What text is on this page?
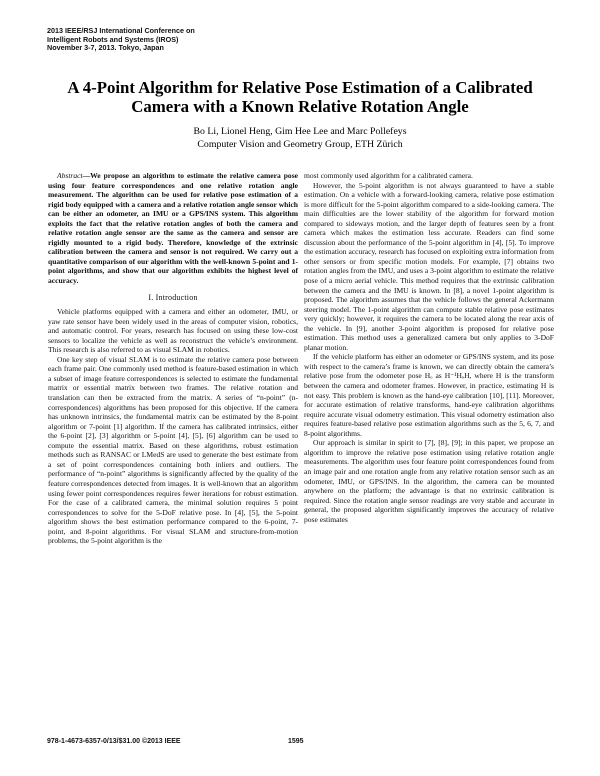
2013 IEEE/RSJ International Conference on
Intelligent Robots and Systems (IROS)
November 3-7, 2013. Tokyo, Japan
A 4-Point Algorithm for Relative Pose Estimation of a Calibrated Camera with a Known Relative Rotation Angle
Bo Li, Lionel Heng, Gim Hee Lee and Marc Pollefeys
Computer Vision and Geometry Group, ETH Zürich

Abstract—We propose an algorithm to estimate the relative camera pose using four feature correspondences and one relative rotation angle measurement. The algorithm can be used for relative pose estimation of a rigid body equipped with a camera and a relative rotation angle sensor which can be either an odometer, an IMU or a GPS/INS system. This algorithm exploits the fact that the relative rotation angles of both the camera and relative rotation angle sensor are the same as the camera and sensor are rigidly mounted to a rigid body. Therefore, knowledge of the extrinsic calibration between the camera and sensor is not required. We carry out a quantitative comparison of our algorithm with the well-known 5-point and 1-point algorithms, and show that our algorithm exhibits the highest level of accuracy.

I. Introduction

Vehicle platforms equipped with a camera and either an odometer, IMU, or yaw rate sensor have been widely used in the areas of computer vision, robotics, and automatic control. For years, research has focused on using these low-cost sensors to localize the vehicle as well as reconstruct the vehicle’s environment. This research is also referred to as visual SLAM in robotics.

One key step of visual SLAM is to estimate the relative camera pose between each frame pair. One commonly used method is feature-based estimation in which a subset of image feature correspondences is selected to estimate the fundamental matrix or essential matrix between two frames. The relative rotation and translation can then be extracted from the matrix. A series of “n-point” (n-correspondences) algorithms has been proposed for this objective. If the camera has unknown intrinsics, the fundamental matrix can be estimated by the 8-point algorithm or 7-point [1] algorithm. If the camera has calibrated intrinsics, either the 6-point [2], [3] algorithm or 5-point [4], [5], [6] algorithm can be used to compute the essential matrix. Based on these algorithms, robust estimation methods such as RANSAC or LMedS are used to generate the best estimate from a set of point correspondences containing both inliers and outliers. The performance of “n-point” algorithms is significantly affected by the quality of the feature correspondences detected from images. It is well-known that an algorithm using fewer point correspondences requires fewer iterations for robust estimation. For the case of a calibrated camera, the minimal solution requires 5 point correspondences to solve for the 5-DoF relative pose. In [4], [5], the 5-point algorithm shows the best estimation performance compared to the 6-point, 7-point, and 8-point algorithms. For visual SLAM and structure-from-motion problems, the 5-point algorithm is the

most commonly used algorithm for a calibrated camera.

However, the 5-point algorithm is not always guaranteed to have a stable estimation. On a vehicle with a forward-looking camera, relative pose estimation is more difficult for the 5-point algorithm compared to a side-looking camera. The main difficulties are the lower stability of the algorithm for forward motion compared to sideways motion, and the larger depth of features seen by a front camera which makes the estimation less accurate. Readers can find some discussion about the performance of the 5-point algorithm in [4], [5]. To improve the estimation accuracy, research has focused on exploiting extra information from other sensors or from specific motion models. For example, [7] obtains two rotation angles from the IMU, and uses a 3-point algorithm to estimate the relative pose of a micro aerial vehicle. This method requires that the extrinsic calibration between the camera and the IMU is known. In [8], a novel 1-point algorithm is proposed. The algorithm assumes that the vehicle follows the general Ackermann steering model. The 1-point algorithm can compute stable relative pose estimates very quickly; however, it requires the camera to be located along the rear axis of the vehicle. In [9], another 3-point algorithm is proposed for relative pose estimation. This method uses a generalized camera but only applies to 3-DoF planar motion.

If the vehicle platform has either an odometer or GPS/INS system, and its pose with respect to the camera’s frame is known, we can directly obtain the camera’s relative pose from the odometer pose Hₒ as H⁻¹HₒH, where H is the transform between the camera and odometer frames. However, in practice, estimating H is not easy. This problem is known as the hand-eye calibration [10], [11]. Moreover, for accurate estimation of relative transforms, hand-eye calibration algorithms require accurate visual odometry estimation. This visual odometry estimation also requires feature-based relative pose estimation algorithms such as the 5, 6, 7, and 8-point algorithms.

Our approach is similar in spirit to [7], [8], [9]; in this paper, we propose an algorithm to improve the relative pose estimation using relative rotation angle measurements. The algorithm uses four feature point correspondences found from an image pair and one rotation angle from any relative rotation sensor such as an odometer, IMU, or GPS/INS. In the algorithm, the camera can be mounted anywhere on the platform; the advantage is that no extrinsic calibration is required. Since the rotation angle sensor readings are very stable and accurate in general, the proposed algorithm significantly improves the accuracy of relative pose estimates

978-1-4673-6357-0/13/$31.00 ©2013 IEEE	1595
